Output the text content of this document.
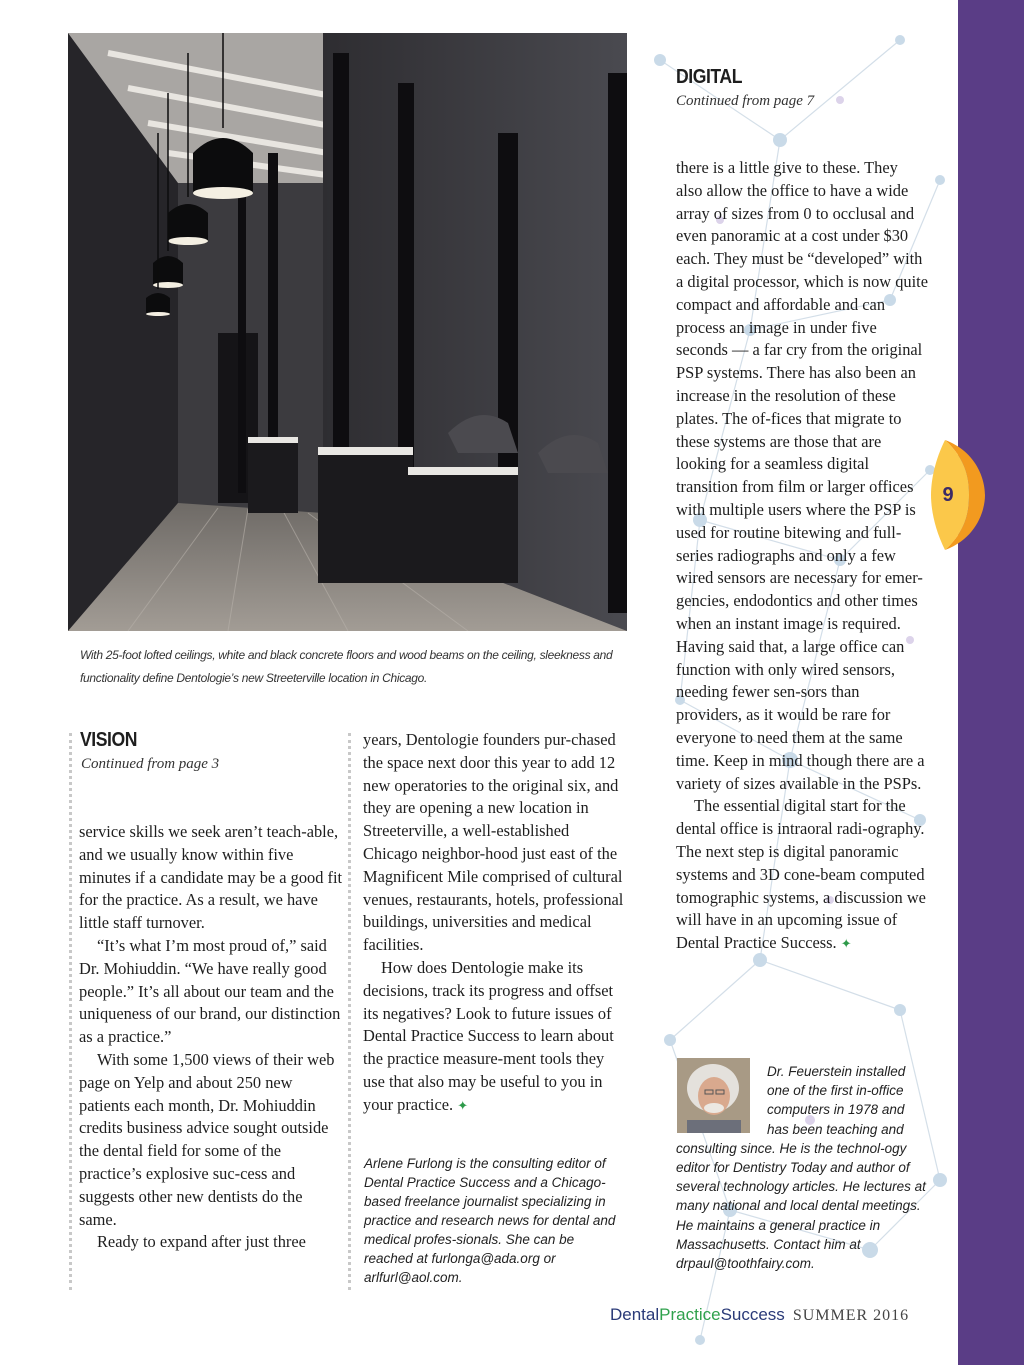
9
With 25-foot lofted ceilings, white and black concrete floors and wood beams on the ceiling, sleekness and functionality define Dentologie’s new Streeterville location in Chicago.
VISION
Continued from page 3

service skills we seek aren’t teach-able, and we usually know within five minutes if a candidate may be a good fit for the practice. As a result, we have little staff turnover.

“It’s what I’m most proud of,” said Dr. Mohiuddin. “We have really good people.” It’s all about our team and the uniqueness of our brand, our distinction as a practice.”

With some 1,500 views of their web page on Yelp and about 250 new patients each month, Dr. Mohiuddin credits business advice sought outside the dental field for some of the practice’s explosive suc-cess and suggests other new dentists do the same.

Ready to expand after just three

years, Dentologie founders pur-chased the space next door this year to add 12 new operatories to the original six, and they are opening a new location in Streeterville, a well-established Chicago neighbor-hood just east of the Magnificent Mile comprised of cultural venues, restaurants, hotels, professional buildings, universities and medical facilities.

How does Dentologie make its decisions, track its progress and offset its negatives? Look to future issues of Dental Practice Success to learn about the practice measure-ment tools they use that also may be useful to you in your practice. ✦

Arlene Furlong is the consulting editor of Dental Practice Success and a Chicago-based freelance journalist specializing in practice and research news for dental and medical profes-sionals. She can be reached at furlonga@ada.org or arlfurl@aol.com.
DIGITAL
Continued from page 7

there is a little give to these. They also allow the office to have a wide array of sizes from 0 to occlusal and even panoramic at a cost under $30 each. They must be “developed” with a digital processor, which is now quite compact and affordable and can process an image in under five seconds — a far cry from the original PSP systems. There has also been an increase in the resolution of these plates. The of-fices that migrate to these systems are those that are looking for a seamless digital transition from film or larger offices with multiple users where the PSP is used for routine bitewing and full-series radiographs and only a few wired sensors are necessary for emer-gencies, endodontics and other times when an instant image is required. Having said that, a large office can function with only wired sensors, needing fewer sen-sors than providers, as it would be rare for everyone to need them at the same time. Keep in mind though there are a variety of sizes available in the PSPs.

The essential digital start for the dental office is intraoral radi-ography. The next step is digital panoramic systems and 3D cone-beam computed tomographic systems, a discussion we will have in an upcoming issue of Dental Practice Success. ✦

Dr. Feuerstein installed one of the first in-office computers in 1978 and has been teaching and consulting since. He is the technol-ogy editor for Dentistry Today and author of several technology articles. He lectures at many national and local dental meetings. He maintains a general practice in Massachusetts. Contact him at drpaul@toothfairy.com.
DentalPracticeSuccess SUMMER 2016
